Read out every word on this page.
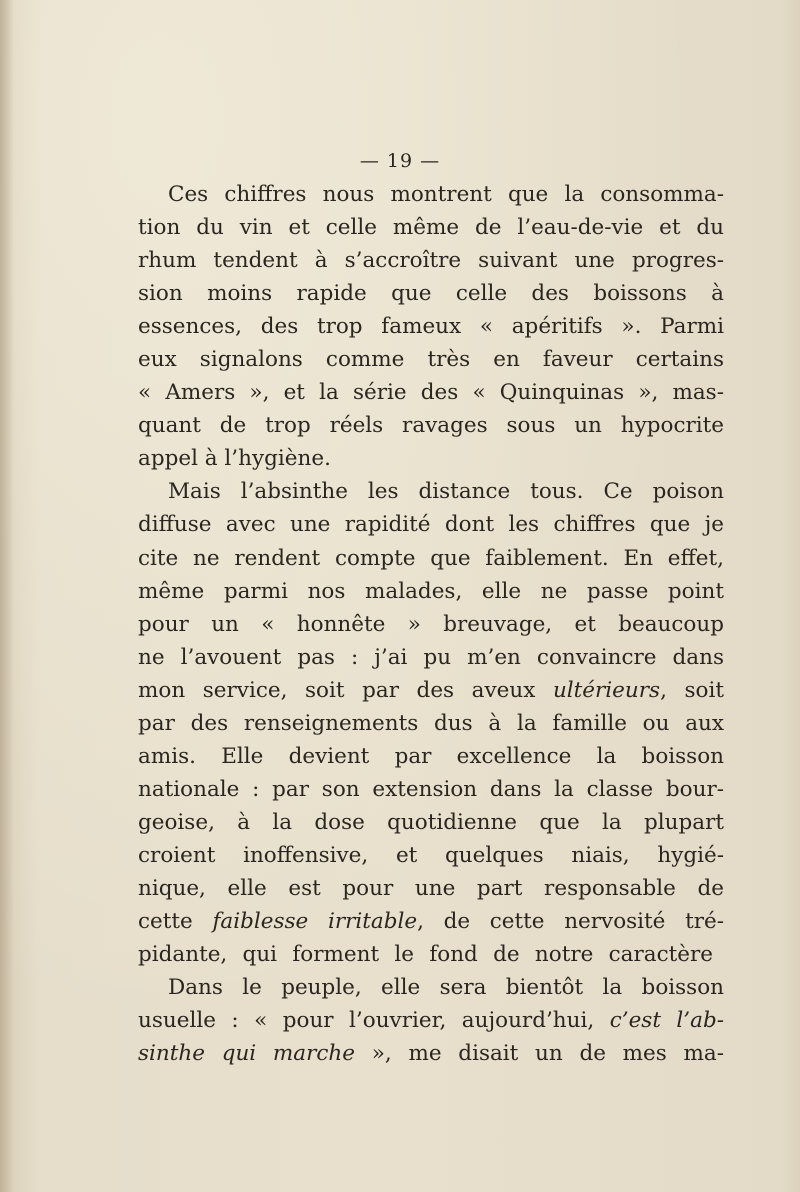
— 19 —
Ces chiffres nous montrent que la consomma-
tion du vin et celle même de l’eau-de-vie et du
rhum tendent à s’accroître suivant une progres-
sion moins rapide que celle des boissons à
essences, des trop fameux « apéritifs ». Parmi
eux signalons comme très en faveur certains
« Amers », et la série des « Quinquinas », mas-
quant de trop réels ravages sous un hypocrite
appel à l’hygiène.
Mais l’absinthe les distance tous. Ce poison
diffuse avec une rapidité dont les chiffres que je
cite ne rendent compte que faiblement. En effet,
même parmi nos malades, elle ne passe point
pour un « honnête » breuvage, et beaucoup
ne l’avouent pas : j’ai pu m’en convaincre dans
mon service, soit par des aveux ultérieurs, soit
par des renseignements dus à la famille ou aux
amis. Elle devient par excellence la boisson
nationale : par son extension dans la classe bour-
geoise, à la dose quotidienne que la plupart
croient inoffensive, et quelques niais, hygié-
nique, elle est pour une part responsable de
cette faiblesse irritable, de cette nervosité tré-
pidante, qui forment le fond de notre caractère
Dans le peuple, elle sera bientôt la boisson
usuelle : « pour l’ouvrier, aujourd’hui, c’est l’ab-
sinthe qui marche », me disait un de mes ma-
